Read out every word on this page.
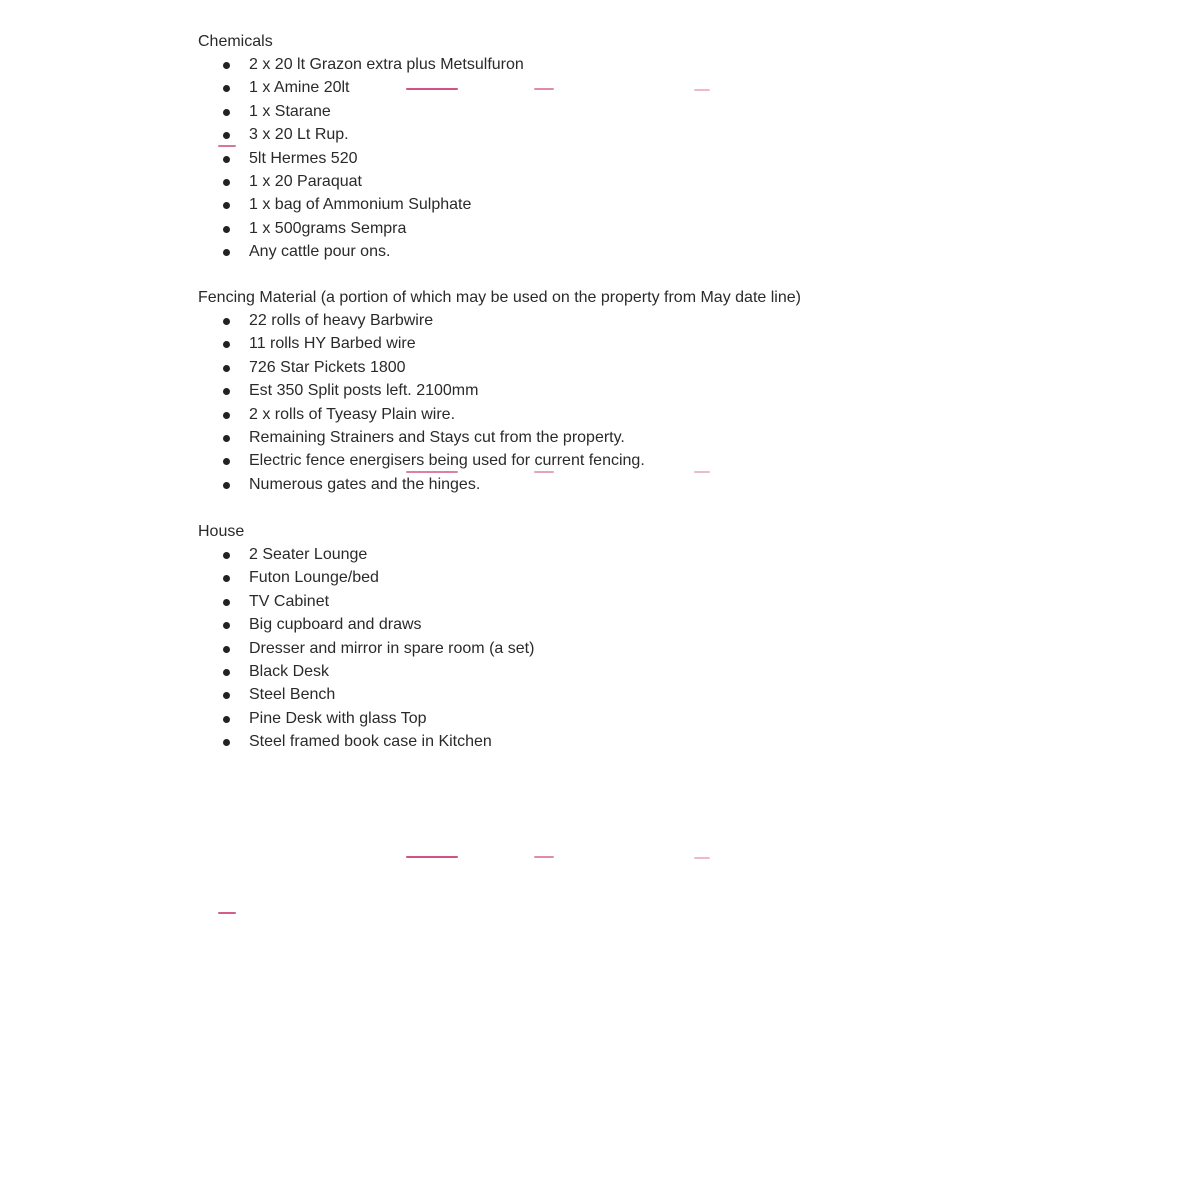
Chemicals
2 x 20 lt Grazon extra plus Metsulfuron
1 x Amine 20lt
1 x Starane
3 x 20 Lt Rup.
5lt Hermes 520
1 x 20 Paraquat
1 x bag of Ammonium Sulphate
1 x 500grams Sempra
Any cattle pour ons.
Fencing Material (a portion of which may be used on the property from May date line)
22 rolls of heavy Barbwire
11 rolls HY Barbed wire
726 Star Pickets 1800
Est 350 Split posts left. 2100mm
2 x rolls of Tyeasy Plain wire.
Remaining Strainers and Stays cut from the property.
Electric fence energisers being used for current fencing.
Numerous gates and the hinges.
House
2 Seater Lounge
Futon Lounge/bed
TV Cabinet
Big cupboard and draws
Dresser and mirror in spare room (a set)
Black Desk
Steel Bench
Pine Desk with glass Top
Steel framed book case in Kitchen
